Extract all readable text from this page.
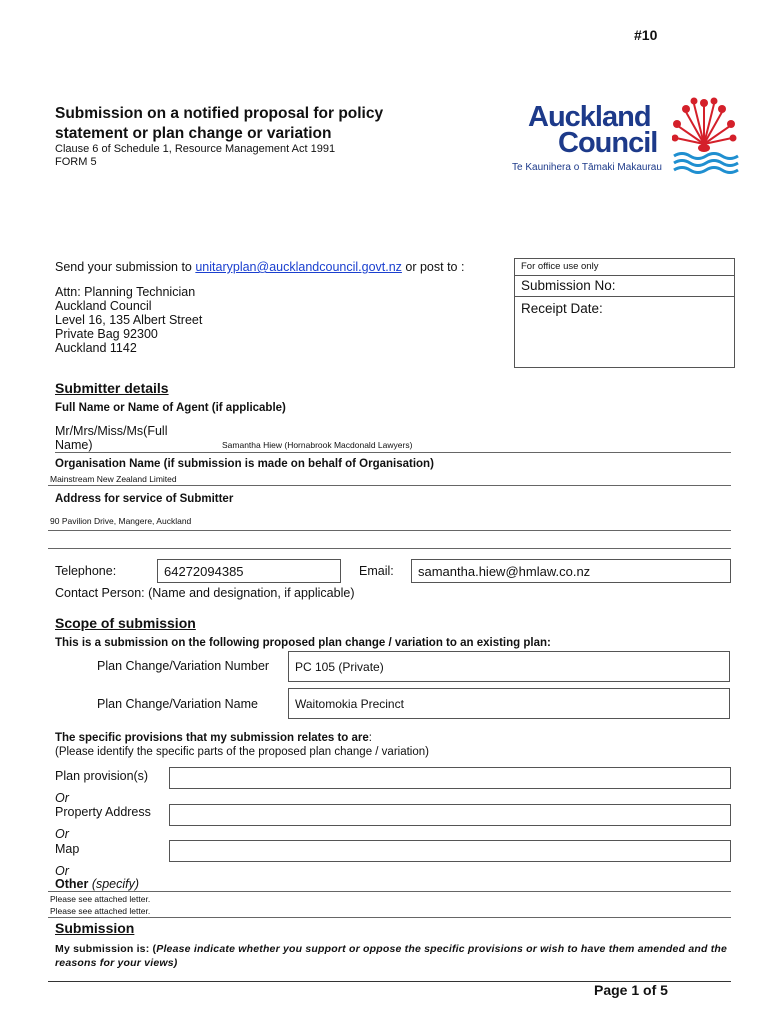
#10
Submission on a notified proposal for policy
statement or plan change or variation
Clause 6 of Schedule 1, Resource Management Act 1991
FORM 5
Auckland
Council
Te Kaunihera o Tāmaki Makaurau
Send your submission to unitaryplan@aucklandcouncil.govt.nz or post to :
Attn: Planning Technician
Auckland Council
Level 16, 135 Albert Street
Private Bag 92300
Auckland 1142
For office use only
Submission No:
Receipt Date:
Submitter details
Full Name or Name of Agent (if applicable)
Mr/Mrs/Miss/Ms(Full
Name)	Samantha Hiew (Hornabrook Macdonald Lawyers)
Organisation Name (if submission is made on behalf of Organisation)
Mainstream New Zealand Limited
Address for service of Submitter
90 Pavilion Drive, Mangere, Auckland
Telephone:	64272094385	Email:	samantha.hiew@hmlaw.co.nz
Contact Person: (Name and designation, if applicable)
Scope of submission
This is a submission on the following proposed plan change / variation to an existing plan:
Plan Change/Variation Number	PC 105 (Private)
Plan Change/Variation Name	Waitomokia Precinct
The specific provisions that my submission relates to are:
(Please identify the specific parts of the proposed plan change / variation)
Plan provision(s)
Or
Property Address
Or
Map
Or
Other (specify)
Please see attached letter.
Please see attached letter.
Submission
My submission is: (Please indicate whether you support or oppose the specific provisions or wish to have them amended and the reasons for your views)
Page 1 of 5
